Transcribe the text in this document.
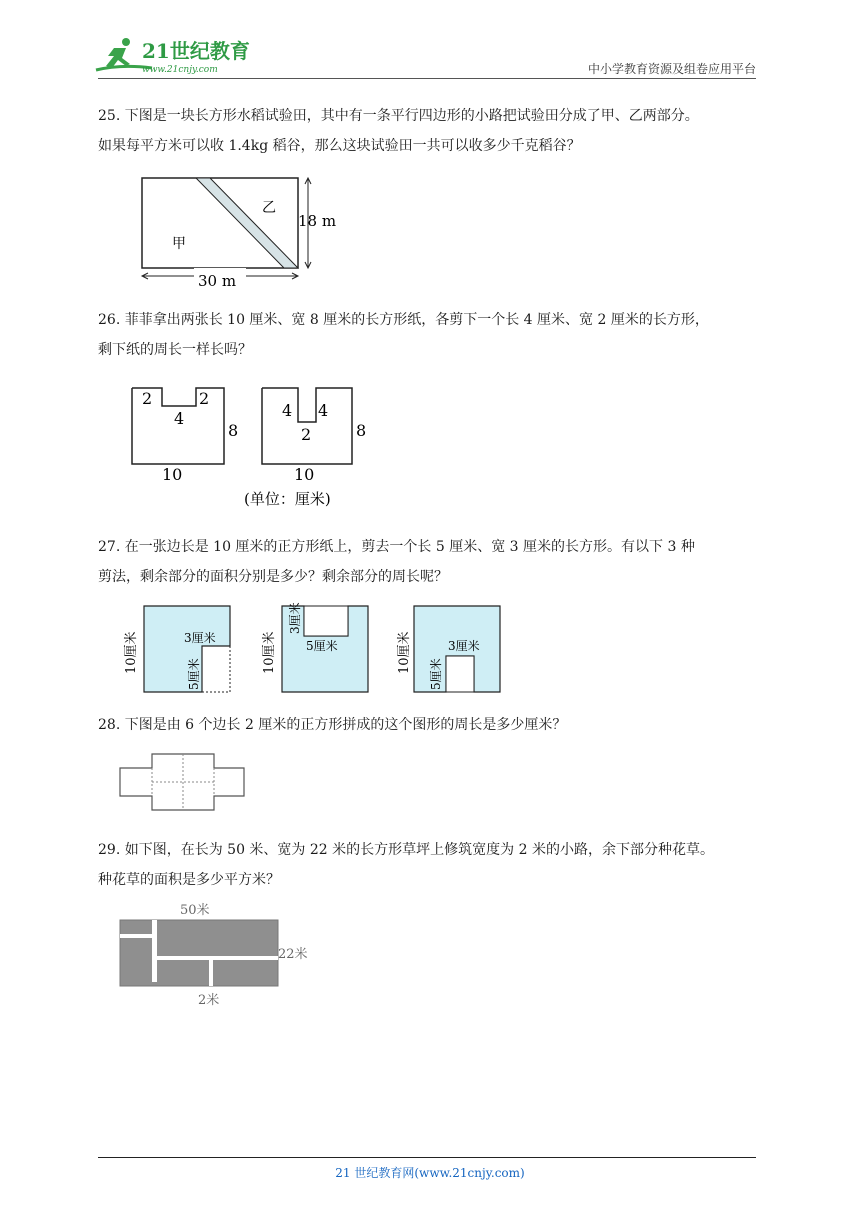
21世纪教育
www.21cnjy.com	中小学教育资源及组卷应用平台

25. 下图是一块长方形水稻试验田，其中有一条平行四边形的小路把试验田分成了甲、乙两部分。

如果每平方米可以收 1.4kg 稻谷，那么这块试验田一共可以收多少千克稻谷？

甲
乙
18 m
30 m

26. 菲菲拿出两张长 10 厘米、宽 8 厘米的长方形纸，各剪下一个长 4 厘米、宽 2 厘米的长方形，

剩下纸的周长一样长吗？

2	2
4
8
10
4 4
2	8
10
(单位：厘米)

27. 在一张边长是 10 厘米的正方形纸上，剪去一个长 5 厘米、宽 3 厘米的长方形。有以下 3 种

剪法，剩余部分的面积分别是多少？剩余部分的周长呢？

10厘米	3厘米
5厘米
10厘米
3厘米
5厘米	10厘米	3厘米
5厘米

28. 下图是由 6 个边长 2 厘米的正方形拼成的这个图形的周长是多少厘米？

29. 如下图，在长为 50 米、宽为 22 米的长方形草坪上修筑宽度为 2 米的小路，余下部分种花草。

种花草的面积是多少平方米？

50米
22米
2米
21 世纪教育网(www.21cnjy.com)
